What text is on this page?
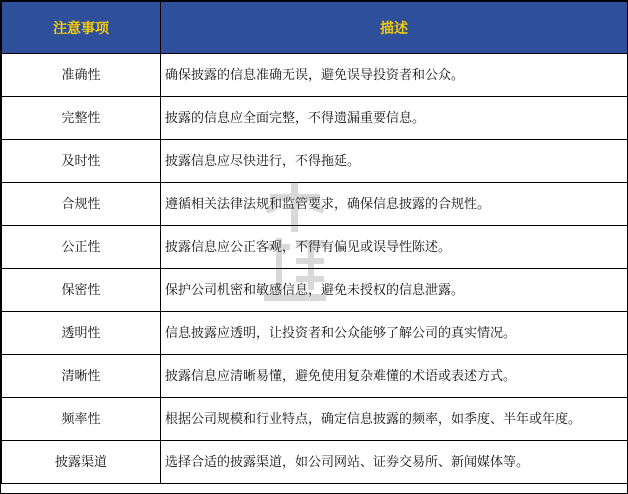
注意事项	描述
准确性	确保披露的信息准确无误，避免误导投资者和公众。
完整性	披露的信息应全面完整，不得遗漏重要信息。
及时性	披露信息应尽快进行，不得拖延。
合规性	遵循相关法律法规和监管要求，确保信息披露的合规性。
公正性	披露信息应公正客观，不得有偏见或误导性陈述。
保密性	保护公司机密和敏感信息，避免未授权的信息泄露。
透明性	信息披露应透明，让投资者和公众能够了解公司的真实情况。
清晰性	披露信息应清晰易懂，避免使用复杂难懂的术语或表述方式。
频率性	根据公司规模和行业特点，确定信息披露的频率，如季度、半年或年度。
披露渠道	选择合适的披露渠道，如公司网站、证券交易所、新闻媒体等。
